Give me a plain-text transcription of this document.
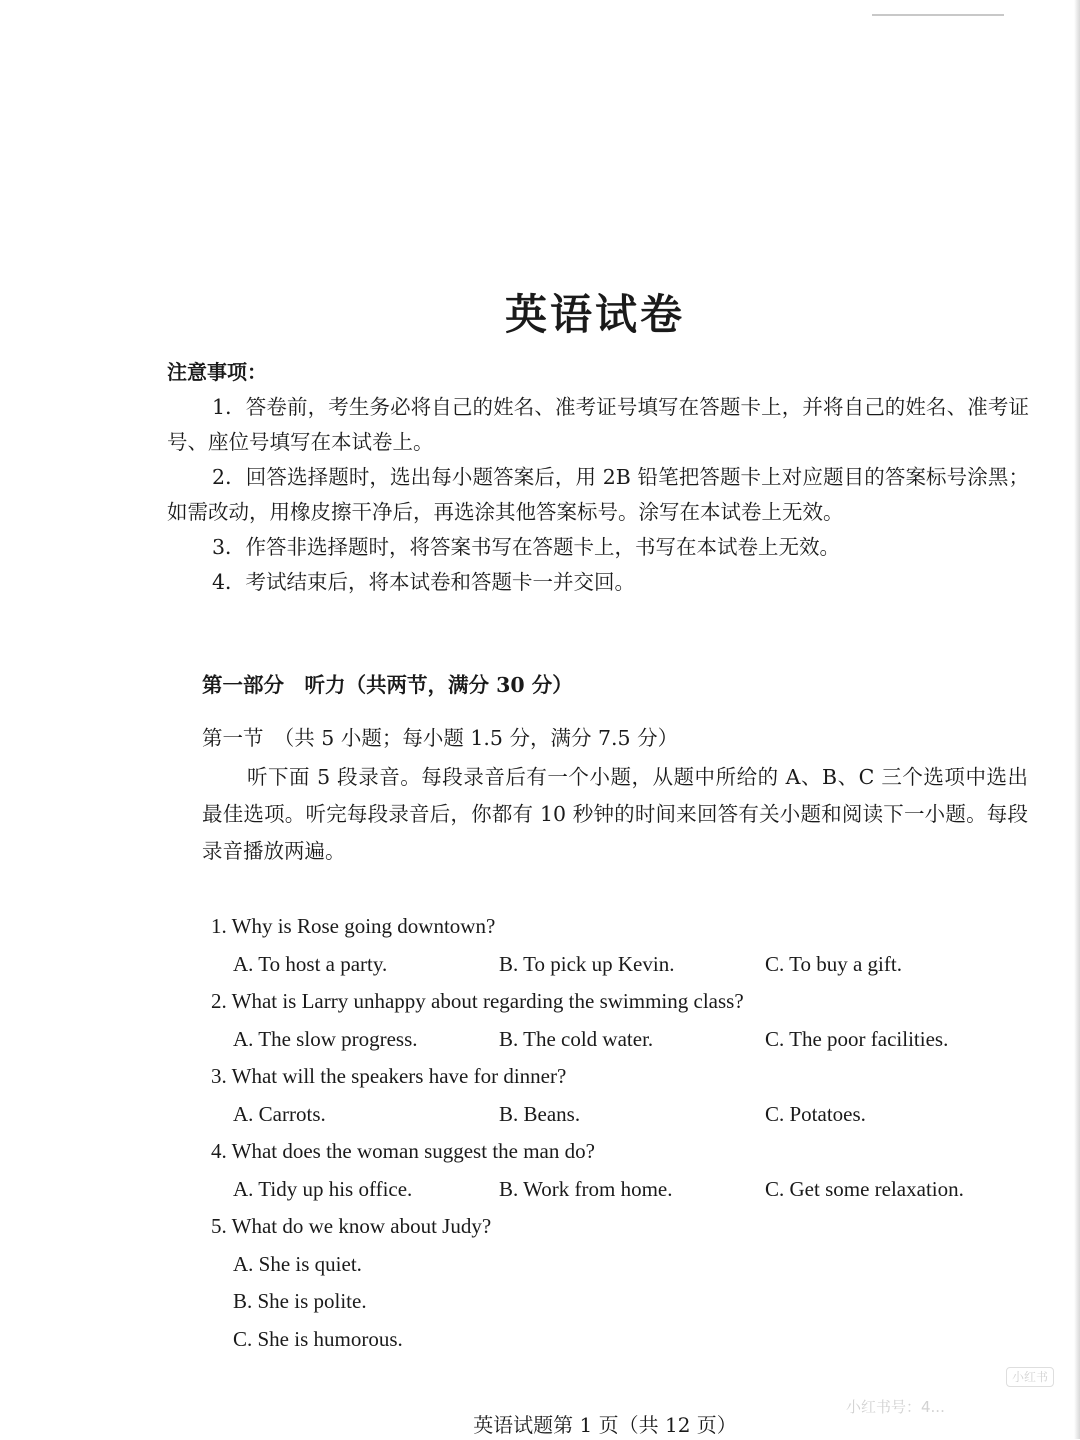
英语试卷
注意事项：
1．答卷前，考生务必将自己的姓名、准考证号填写在答题卡上，并将自己的姓名、准考证号、座位号填写在本试卷上。
2．回答选择题时，选出每小题答案后，用 2B 铅笔把答题卡上对应题目的答案标号涂黑；如需改动，用橡皮擦干净后，再选涂其他答案标号。涂写在本试卷上无效。
3．作答非选择题时，将答案书写在答题卡上，书写在本试卷上无效。
4．考试结束后，将本试卷和答题卡一并交回。
第一部分　听力（共两节，满分 30 分）
第一节　（共 5 小题；每小题 1.5 分，满分 7.5 分）
听下面 5 段录音。每段录音后有一个小题，从题中所给的 A、B、C 三个选项中选出最佳选项。听完每段录音后，你都有 10 秒钟的时间来回答有关小题和阅读下一小题。每段录音播放两遍。
1. Why is Rose going downtown?
A. To host a party.	B. To pick up Kevin.	C. To buy a gift.
2. What is Larry unhappy about regarding the swimming class?
A. The slow progress.	B. The cold water.	C. The poor facilities.
3. What will the speakers have for dinner?
A. Carrots.	B. Beans.	C. Potatoes.
4. What does the woman suggest the man do?
A. Tidy up his office.	B. Work from home.	C. Get some relaxation.
5. What do we know about Judy?
A. She is quiet.
B. She is polite.
C. She is humorous.
英语试题第 1 页（共 12 页）
小红书
小红书号：4...
